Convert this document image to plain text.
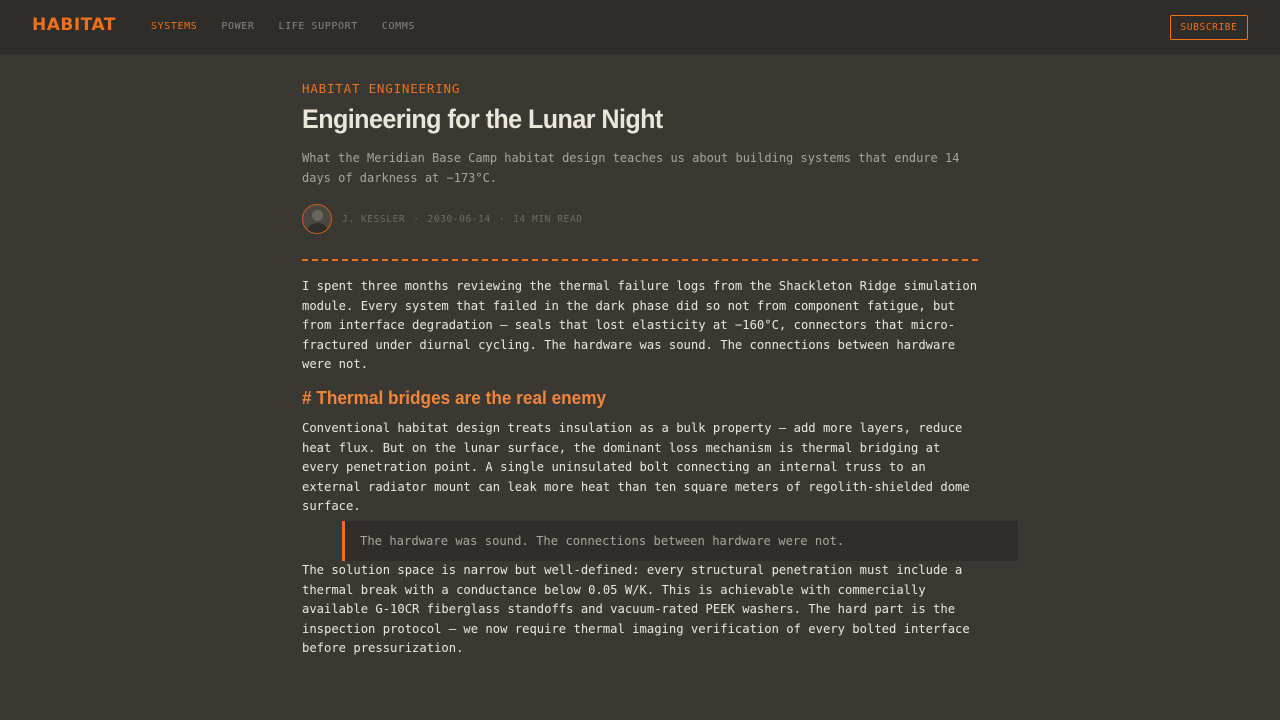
HABITAT	SYSTEMS POWER LIFE SUPPORT COMMS	SUBSCRIBE
HABITAT ENGINEERING
Engineering for the Lunar Night

What the Meridian Base Camp habitat design teaches us about building systems that endure 14 days of darkness at −173°C.

J. KESSLER · 2030-06-14 · 14 MIN READ

I spent three months reviewing the thermal failure logs from the Shackleton Ridge simulation module. Every system that failed in the dark phase did so not from component fatigue, but from interface degradation — seals that lost elasticity at −160°C, connectors that micro-fractured under diurnal cycling. The hardware was sound. The connections between hardware were not.

# Thermal bridges are the real enemy

Conventional habitat design treats insulation as a bulk property — add more layers, reduce heat flux. But on the lunar surface, the dominant loss mechanism is thermal bridging at every penetration point. A single uninsulated bolt connecting an internal truss to an external radiator mount can leak more heat than ten square meters of regolith-shielded dome surface.

The hardware was sound. The connections between hardware were not.

The solution space is narrow but well-defined: every structural penetration must include a thermal break with a conductance below 0.05 W/K. This is achievable with commercially available G-10CR fiberglass standoffs and vacuum-rated PEEK washers. The hard part is the inspection protocol — we now require thermal imaging verification of every bolted interface before pressurization.
